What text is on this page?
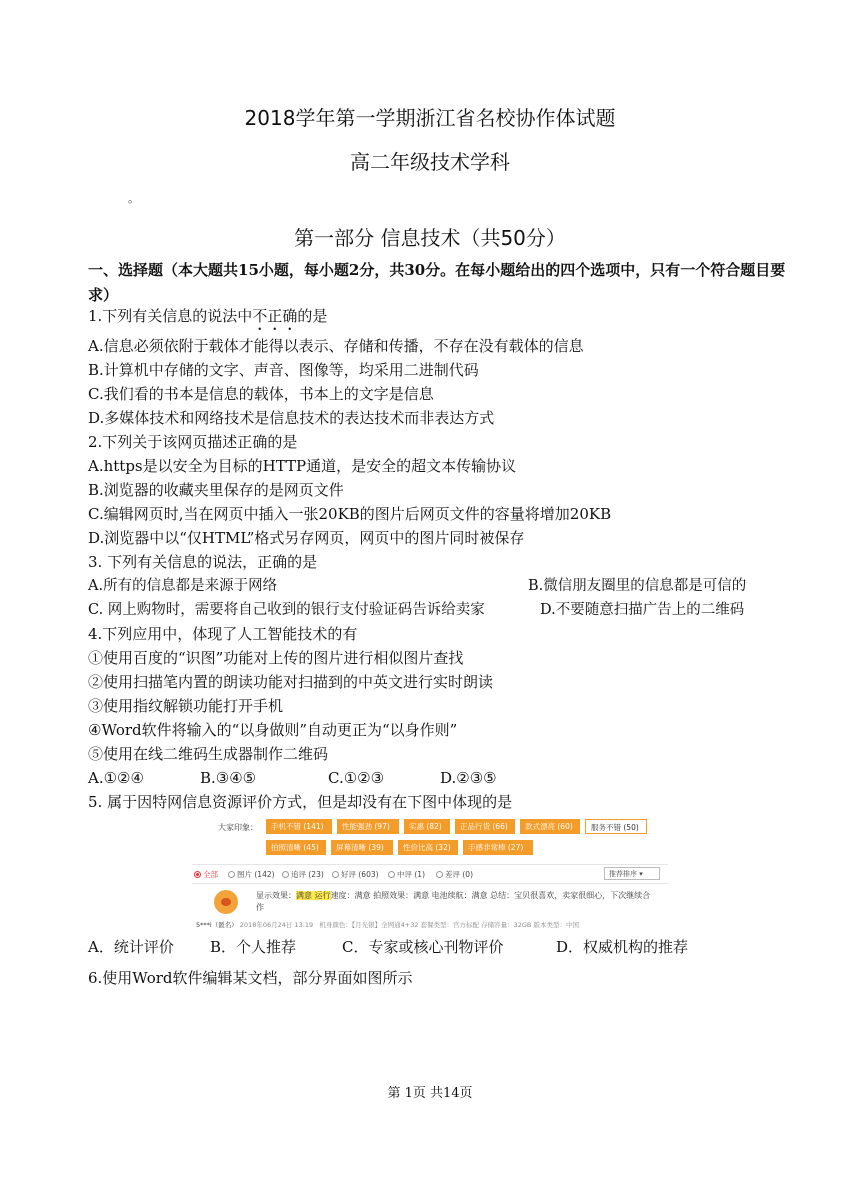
2018学年第一学期浙江省名校协作体试题
高二年级技术学科
。
第一部分 信息技术（共50分）
一、选择题（本大题共15小题，每小题2分，共30分。在每小题给出的四个选项中，只有一个符合题目要求）
1.下列有关信息的说法中不正确的是
A.信息必须依附于载体才能得以表示、存储和传播，不存在没有载体的信息
B.计算机中存储的文字、声音、图像等，均采用二进制代码
C.我们看的书本是信息的载体，书本上的文字是信息
D.多媒体技术和网络技术是信息技术的表达技术而非表达方式
2.下列关于该网页描述正确的是
A.https是以安全为目标的HTTP通道，是安全的超文本传输协议
B.浏览器的收藏夹里保存的是网页文件
C.编辑网页时,当在网页中插入一张20KB的图片后网页文件的容量将增加20KB
D.浏览器中以“仅HTML”格式另存网页，网页中的图片同时被保存
3. 下列有关信息的说法，正确的是
A.所有的信息都是来源于网络	B.微信朋友圈里的信息都是可信的
C. 网上购物时，需要将自己收到的银行支付验证码告诉给卖家	D.不要随意扫描广告上的二维码
4.下列应用中，体现了人工智能技术的有
①使用百度的“识图”功能对上传的图片进行相似图片查找
②使用扫描笔内置的朗读功能对扫描到的中英文进行实时朗读
③使用指纹解锁功能打开手机
④Word软件将输入的“以身做则”自动更正为“以身作则”
⑤使用在线二维码生成器制作二维码
A.①②④	B.③④⑤	C.①②③	D.②③⑤
5. 属于因特网信息资源评价方式，但是却没有在下图中体现的是
大家印象：	手机不错 (141)	性能强劲 (97)	实惠 (82)	正品行货 (66)	款式漂亮 (60)	服务不错 (50)
拍照清晰 (45)	屏幕清晰 (39)	性价比高 (32)	手感非常棒 (27)
全部	图片 (142)	追评 (23)	好评 (603)	中评 (1)	差评 (0)	推荐排序 ▾
显示效果：满意 运行速度：满意 拍照效果：满意 电池续航：满意 总结：宝贝很喜欢，卖家很细心，下次继续合作
5***i（匿名） 2018年06月24日 13:19 机身颜色：【月光银】全网通4+32 套餐类型：官方标配 存储容量：32GB 版本类型：中国
A．统计评价 B．个人推荐	C．专家或核心刊物评价	D．权威机构的推荐
6.使用Word软件编辑某文档，部分界面如图所示
第 1页 共14页
